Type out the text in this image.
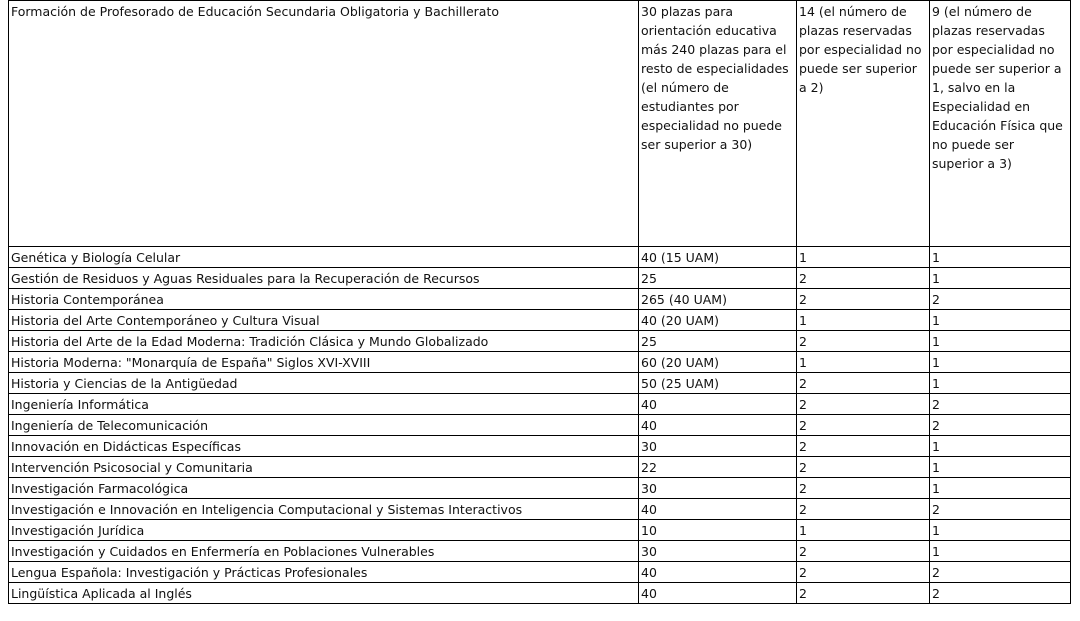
Formación de Profesorado de Educación Secundaria Obligatoria y Bachillerato	30 plazas para orientación educativa más 240 plazas para el resto de especialidades (el número de estudiantes por especialidad no puede ser superior a 30)	14 (el número de plazas reservadas por especialidad no puede ser superior a 2)	9 (el número de plazas reservadas por especialidad no puede ser superior a 1, salvo en la Especialidad en Educación Física que no puede ser superior a 3)
Genética y Biología Celular	40 (15 UAM)	1	1
Gestión de Residuos y Aguas Residuales para la Recuperación de Recursos	25	2	1
Historia Contemporánea	265 (40 UAM)	2	2
Historia del Arte Contemporáneo y Cultura Visual	40 (20 UAM)	1	1
Historia del Arte de la Edad Moderna: Tradición Clásica y Mundo Globalizado	25	2	1
Historia Moderna: "Monarquía de España" Siglos XVI-XVIII	60 (20 UAM)	1	1
Historia y Ciencias de la Antigüedad	50 (25 UAM)	2	1
Ingeniería Informática	40	2	2
Ingeniería de Telecomunicación	40	2	2
Innovación en Didácticas Específicas	30	2	1
Intervención Psicosocial y Comunitaria	22	2	1
Investigación Farmacológica	30	2	1
Investigación e Innovación en Inteligencia Computacional y Sistemas Interactivos	40	2	2
Investigación Jurídica	10	1	1
Investigación y Cuidados en Enfermería en Poblaciones Vulnerables	30	2	1
Lengua Española: Investigación y Prácticas Profesionales	40	2	2
Lingüística Aplicada al Inglés	40	2	2
